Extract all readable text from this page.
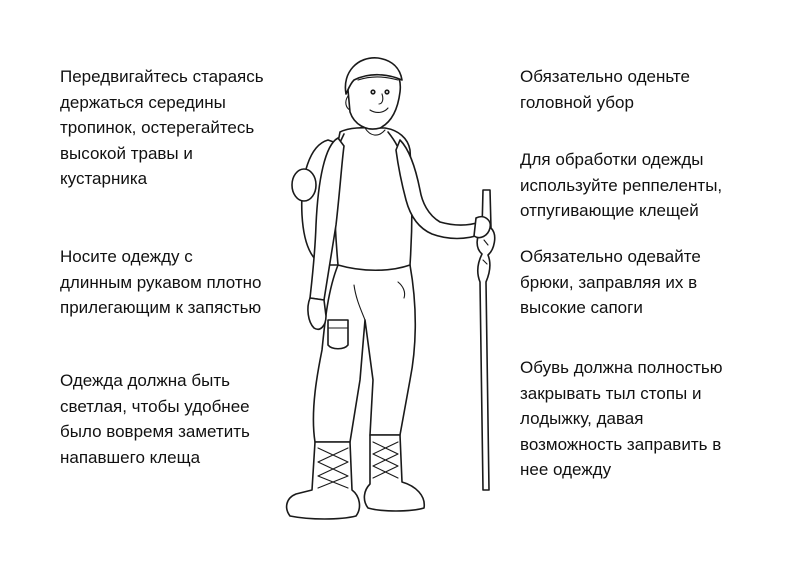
Передвигайтесь стараясь
держаться середины
тропинок, остерегайтесь
высокой травы и
кустарника

Носите одежду с
длинным рукавом плотно
прилегающим к запястью

Одежда должна быть
светлая, чтобы удобнее
было вовремя заметить
напавшего клеща

Обязательно оденьте
головной убор

Для обработки одежды
используйте реппеленты,
отпугивающие клещей

Обязательно одевайте
брюки, заправляя их в
высокие сапоги

Обувь должна полностью
закрывать тыл стопы и
лодыжку, давая
возможность заправить в
нее одежду
